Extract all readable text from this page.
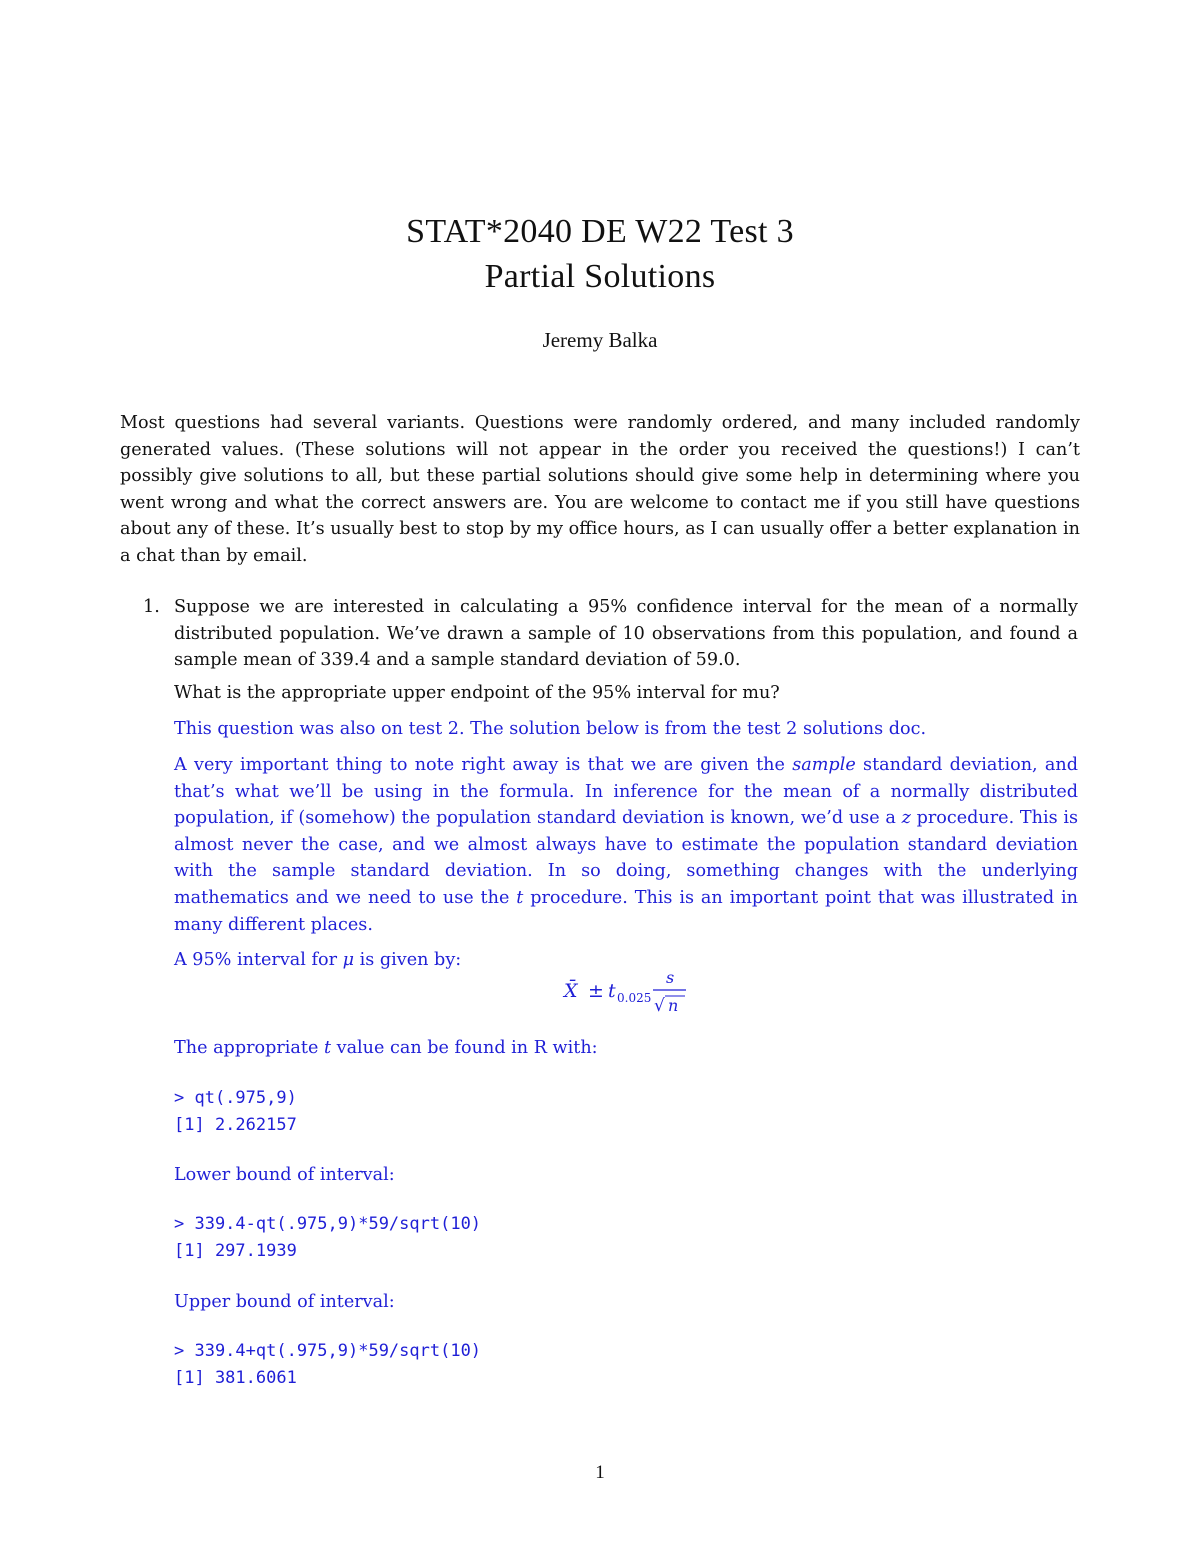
STAT*2040 DE W22 Test 3
Partial Solutions
Jeremy Balka
Most questions had several variants. Questions were randomly ordered, and many included randomly generated values. (These solutions will not appear in the order you received the questions!) I can’t possibly give solutions to all, but these partial solutions should give some help in determining where you went wrong and what the correct answers are. You are welcome to contact me if you still have questions about any of these. It’s usually best to stop by my office hours, as I can usually offer a better explanation in a chat than by email.
1. Suppose we are interested in calculating a 95% confidence interval for the mean of a normally distributed population. We’ve drawn a sample of 10 observations from this population, and found a sample mean of 339.4 and a sample standard deviation of 59.0.
What is the appropriate upper endpoint of the 95% interval for mu?
This question was also on test 2. The solution below is from the test 2 solutions doc.
A very important thing to note right away is that we are given the sample standard deviation, and that’s what we’ll be using in the formula. In inference for the mean of a normally distributed population, if (somehow) the population standard deviation is known, we’d use a z procedure. This is almost never the case, and we almost always have to estimate the population standard deviation with the sample standard deviation. In so doing, something changes with the underlying mathematics and we need to use the t procedure. This is an important point that was illustrated in many different places.
A 95% interval for μ is given by:
X̄ ± t 0.025
s
√ n
The appropriate t value can be found in R with:
> qt(.975,9)
[1] 2.262157
Lower bound of interval:
> 339.4-qt(.975,9)*59/sqrt(10)
[1] 297.1939
Upper bound of interval:
> 339.4+qt(.975,9)*59/sqrt(10)
[1] 381.6061
1
